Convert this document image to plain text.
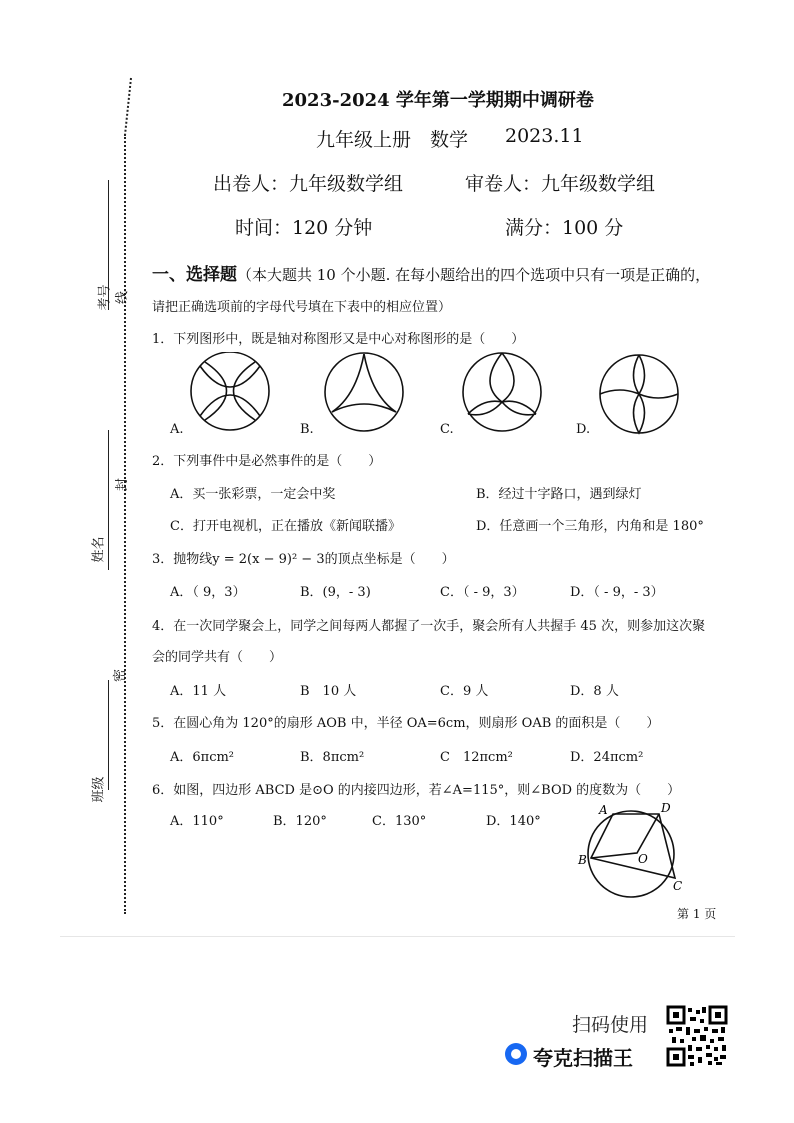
考号 线
封
姓名
密
班级
2023-2024 学年第一学期期中调研卷
九年级上册 数学 2023.11
出卷人：九年级数学组	审卷人：九年级数学组
时间：120 分钟	满分：100 分
一、选择题（本大题共 10 个小题. 在每小题给出的四个选项中只有一项是正确的，
请把正确选项前的字母代号填在下表中的相应位置）
1．下列图形中，既是轴对称图形又是中心对称图形的是（　　）
A.	B.	C.	D.
2．下列事件中是必然事件的是（　　）
A．买一张彩票，一定会中奖	B．经过十字路口，遇到绿灯
C．打开电视机，正在播放《新闻联播》	D．任意画一个三角形，内角和是 180°
3．抛物线y = 2(x − 9)² − 3的顶点坐标是（　　）
A．（ 9，3）	B．(9，- 3)	C．（ - 9，3）	D．（ - 9，- 3）
4．在一次同学聚会上，同学之间每两人都握了一次手，聚会所有人共握手 45 次，则参加这次聚
会的同学共有（　　）
A．11 人	B　10 人	C．9 人	D．8 人
5．在圆心角为 120°的扇形 AOB 中，半径 OA=6cm，则扇形 OAB 的面积是（　　）
A．6πcm²	B．8πcm²	C　12πcm²	D．24πcm²
6．如图，四边形 ABCD 是⊙O 的内接四边形，若∠A=115°，则∠BOD 的度数为（　　）
A．110°	B．120°	C．130°	D．140°
A	D
B	O
C
第 1 页
扫码使用
夸克扫描王
